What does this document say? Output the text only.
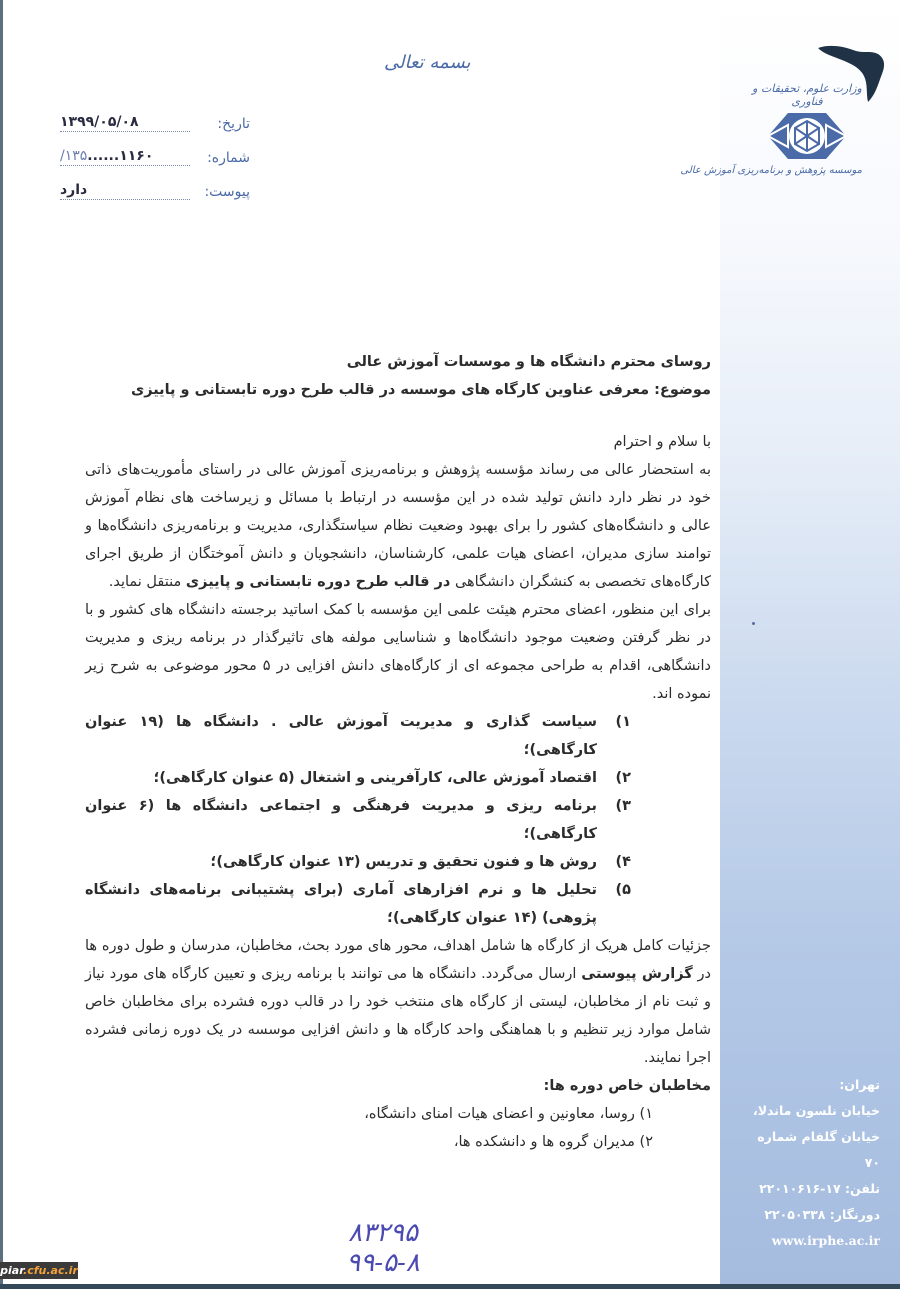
وزارت علوم، تحقیقات و فناوری
موسسه پژوهش و برنامه‌ریزی آموزش عالی
بسمه تعالی
تاریخ:
۱۳۹۹/۰۵/۰۸
شماره:
۱۱۶۰......۱۳۵/
پیوست:
دارد

روسای محترم دانشگاه ها و موسسات آموزش عالی

موضوع: معرفی عناوین کارگاه های موسسه در قالب طرح دوره تابستانی و پاییزی

با سلام و احترام

به استحضار عالی می رساند مؤسسه پژوهش و برنامه‌ریزی آموزش عالی در راستای مأموریت‌های ذاتی خود در نظر دارد دانش تولید شده در این مؤسسه در ارتباط با مسائل و زیرساخت های نظام آموزش عالی و دانشگاه‌های کشور را برای بهبود وضعیت نظام سیاستگذاری، مدیریت و برنامه‌ریزی دانشگاه‌ها و توامند سازی مدیران، اعضای هیات علمی، کارشناسان، دانشجویان و دانش آموختگان از طریق اجرای کارگاه‌های تخصصی به کنشگران دانشگاهی در قالب طرح دوره تابستانی و پاییزی منتقل نماید.

برای این منظور، اعضای محترم هیئت علمی این مؤسسه با کمک اساتید برجسته دانشگاه های کشور و با در نظر گرفتن وضعیت موجود دانشگاه‌ها و شناسایی مولفه های تاثیرگذار در برنامه ریزی و مدیریت دانشگاهی، اقدام به طراحی مجموعه ای از کارگاه‌های دانش افزایی در ۵ محور موضوعی به شرح زیر نموده اند.

۱)
سیاست گذاری و مدیریت آموزش عالی . دانشگاه ها (۱۹ عنوان کارگاهی)؛
۲)
اقتصاد آموزش عالی، کارآفرینی و اشتغال (۵ عنوان کارگاهی)؛
۳)
برنامه ریزی و مدیریت فرهنگی و اجتماعی دانشگاه ها (۶ عنوان کارگاهی)؛
۴)
روش ها و فنون تحقیق و تدریس (۱۳ عنوان کارگاهی)؛
۵)
تحلیل ها و نرم افزارهای آماری (برای پشتیبانی برنامه‌های دانشگاه پژوهی) (۱۴ عنوان کارگاهی)؛

جزئیات کامل هریک از کارگاه ها شامل اهداف، محور های مورد بحث، مخاطبان، مدرسان و طول دوره ها در گزارش پیوستی ارسال می‌گردد. دانشگاه ها می توانند با برنامه ریزی و تعیین کارگاه های مورد نیاز و ثبت نام از مخاطبان، لیستی از کارگاه های منتخب خود را در قالب دوره فشرده برای مخاطبان خاص شامل موارد زیر تنظیم و با هماهنگی واحد کارگاه ها و دانش افزایی موسسه در یک دوره زمانی فشرده اجرا نمایند.

مخاطبان خاص دوره ها:

۱) روسا، معاونین و اعضای هیات امنای دانشگاه،
۲) مدیران گروه ها و دانشکده ها،
تهران:
خیابان نلسون ماندلا،
خیابان گلفام شماره ۷۰
تلفن: ۱۷-۲۲۰۱۰۶۱۶
دورنگار: ۲۲۰۵۰۳۳۸
www.irphe.ac.ir
۸۳۲۹۵
۹۹-۵-۸
piar.cfu.ac.ir
